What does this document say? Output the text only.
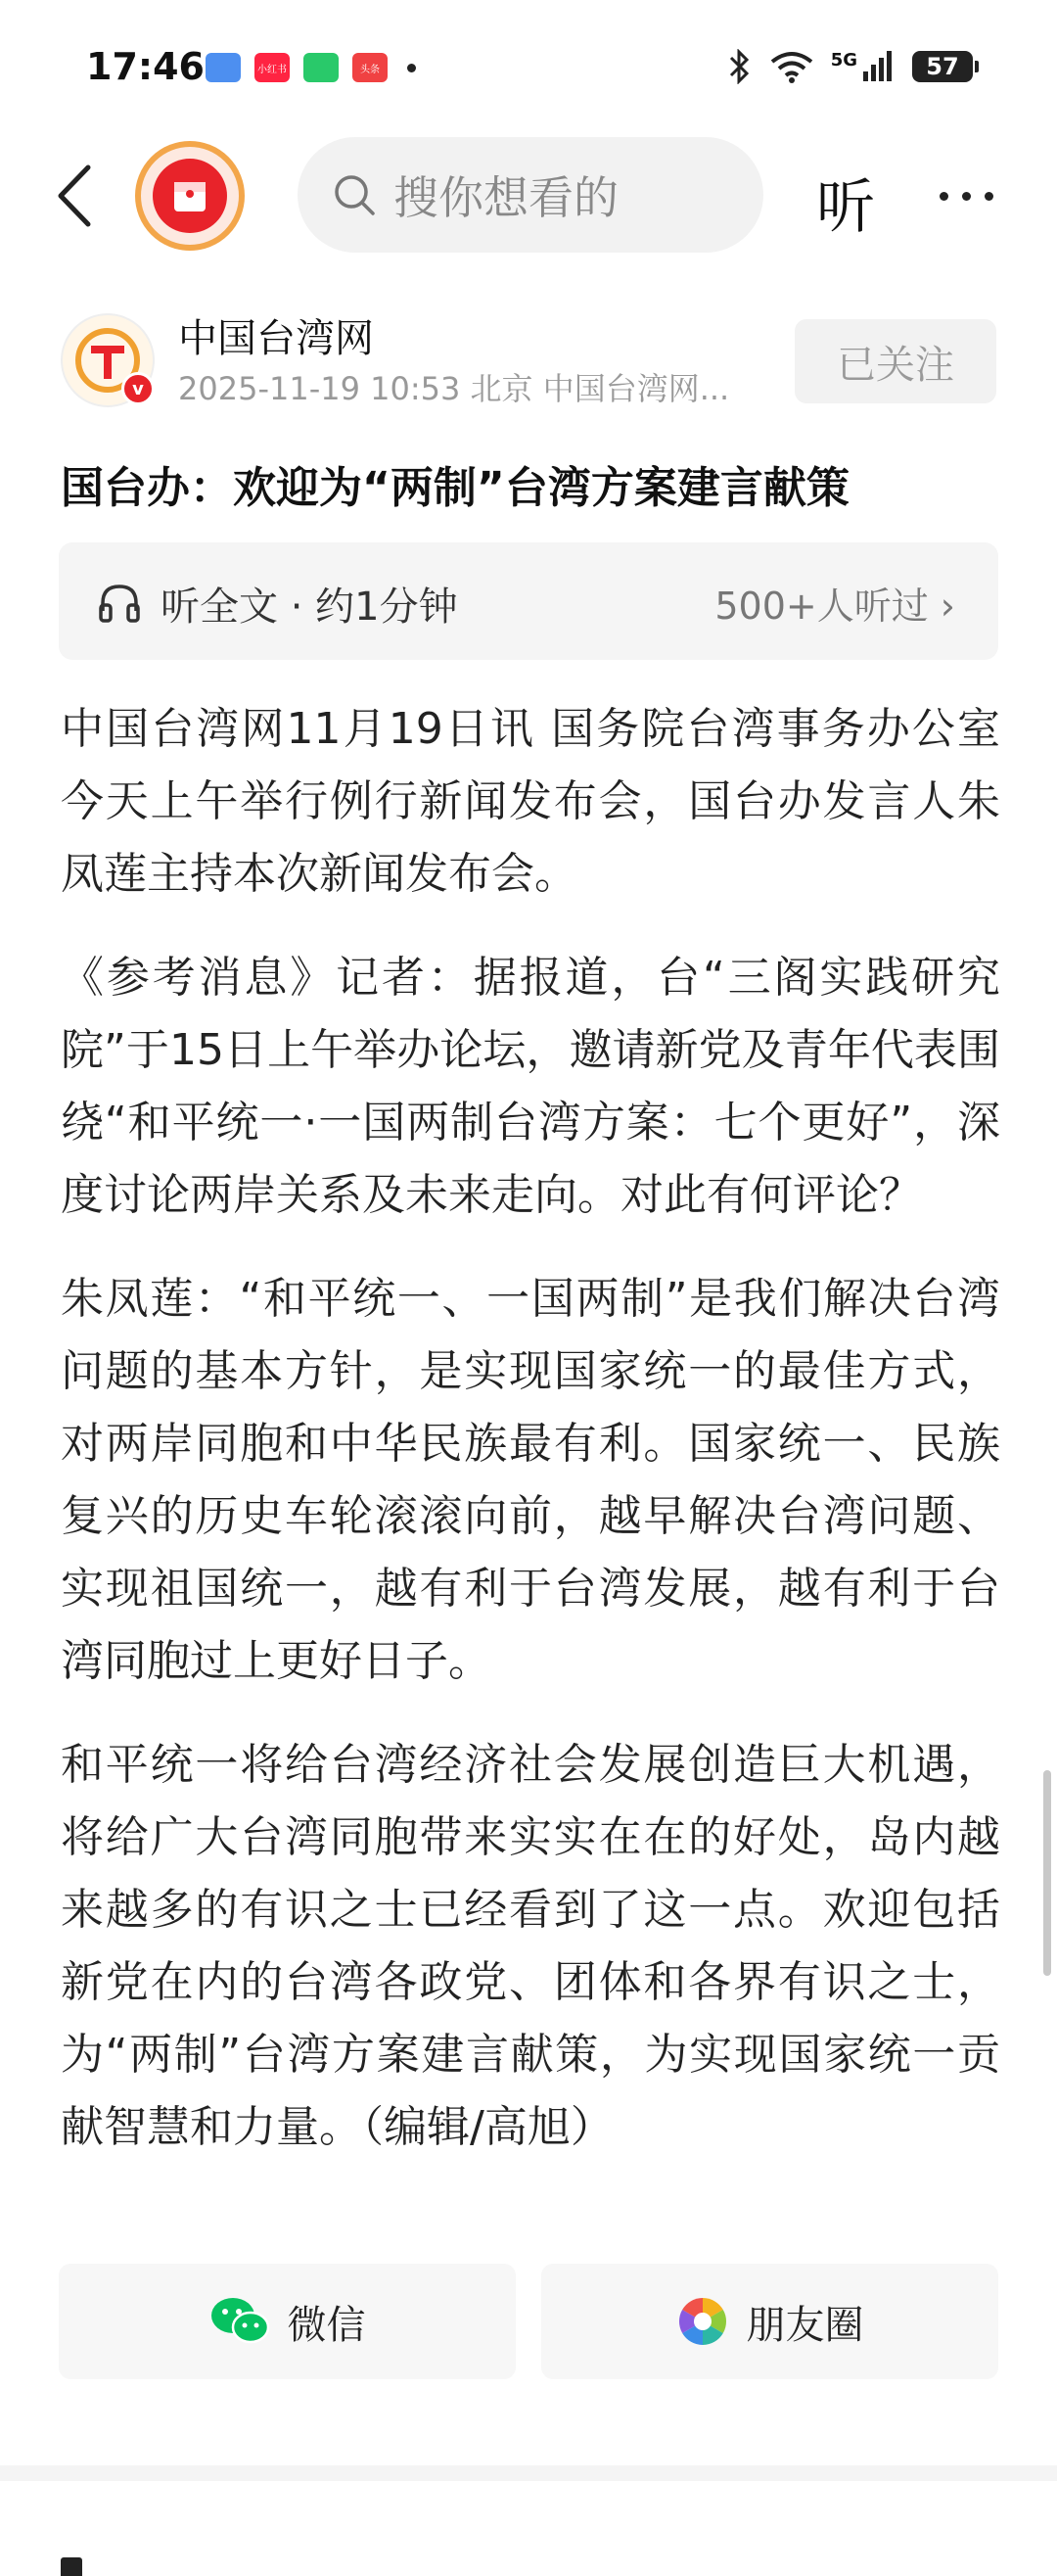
17:46	小红书	头条	5G	57
搜你想看的	听
v
中国台湾网
2025-11-19 10:53 北京 中国台湾网...
已关注
国台办：欢迎为“两制”台湾方案建言献策
听全文 · 约1分钟	500+人听过 ›

中国台湾网11月19日讯 国务院台湾事务办公室今天上午举行例行新闻发布会，国台办发言人朱凤莲主持本次新闻发布会。

《参考消息》记者：据报道，台“三阁实践研究院”于15日上午举办论坛，邀请新党及青年代表围绕“和平统一·一国两制台湾方案：七个更好”，深度讨论两岸关系及未来走向。对此有何评论？

朱凤莲：“和平统一、一国两制”是我们解决台湾问题的基本方针，是实现国家统一的最佳方式，对两岸同胞和中华民族最有利。国家统一、民族复兴的历史车轮滚滚向前，越早解决台湾问题、实现祖国统一，越有利于台湾发展，越有利于台湾同胞过上更好日子。

和平统一将给台湾经济社会发展创造巨大机遇，将给广大台湾同胞带来实实在在的好处，岛内越来越多的有识之士已经看到了这一点。欢迎包括新党在内的台湾各政党、团体和各界有识之士，为“两制”台湾方案建言献策，为实现国家统一贡献智慧和力量。（编辑/高旭）

微信	朋友圈
